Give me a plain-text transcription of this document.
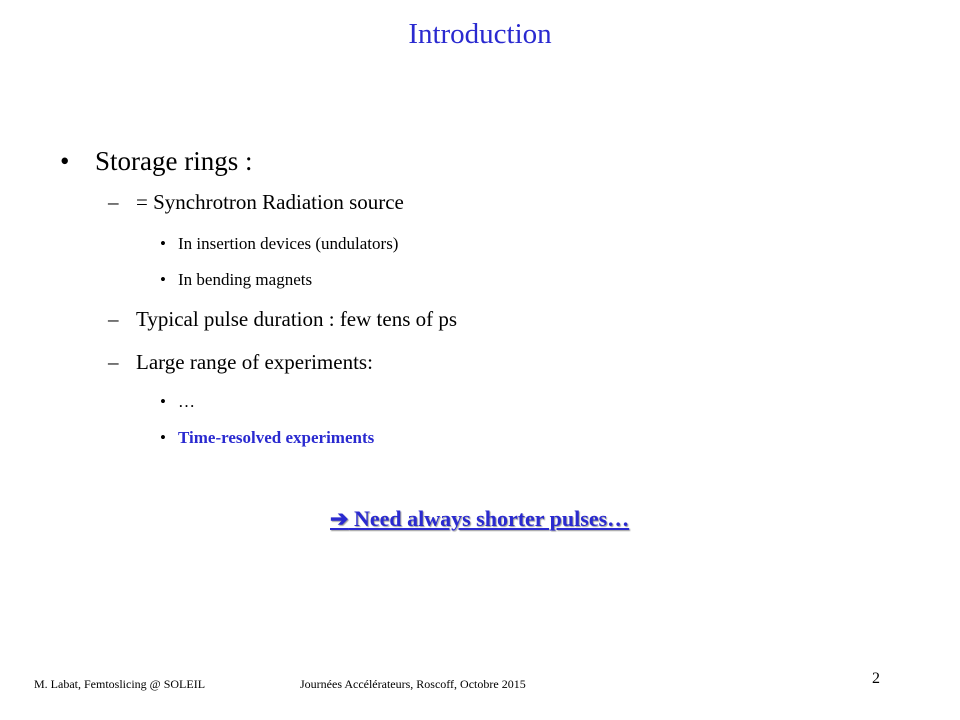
Introduction
• Storage rings :
– = Synchrotron Radiation source
• In insertion devices (undulators)
• In bending magnets
– Typical pulse duration : few tens of ps
– Large range of experiments:
• …
• Time-resolved experiments
➔ Need always shorter pulses…
M. Labat, Femtoslicing @ SOLEIL	Journées Accélérateurs, Roscoff, Octobre 2015	2
